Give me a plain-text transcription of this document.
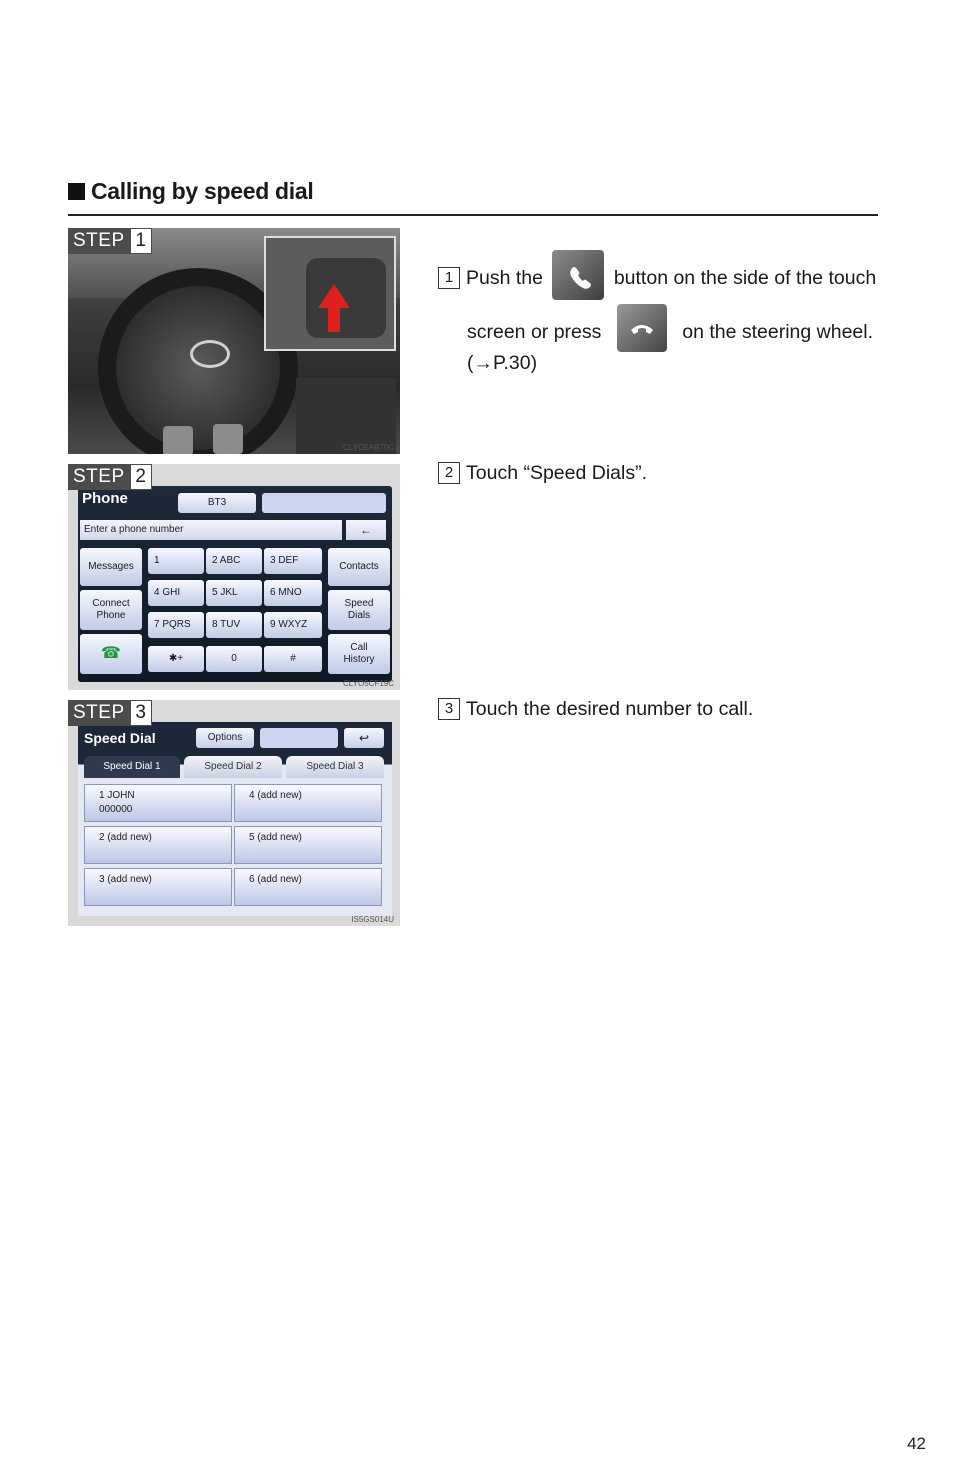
Calling by speed dial
STEP 1
CLYO5AB70C
1 Push the	button on the side of the touch
screen or press	on the steering wheel.
(→P.30)
STEP 2
Phone	BT3
Enter a phone number	←
Messages
Connect Phone
☎
1	2 ABC	3 DEF
4 GHI	5 JKL	6 MNO
7 PQRS	8 TUV	9 WXYZ
✱+	0	#
Contacts
Speed Dials
Call History
CLYO5CF19C
2 Touch “Speed Dials”.
STEP 3
Speed Dial	Options	↩
Speed Dial 1	Speed Dial 2	Speed Dial 3
1 JOHN
000000
4 (add new)
2 (add new)	5 (add new)
3 (add new)	6 (add new)
IS5GS014U
3 Touch the desired number to call.
42
